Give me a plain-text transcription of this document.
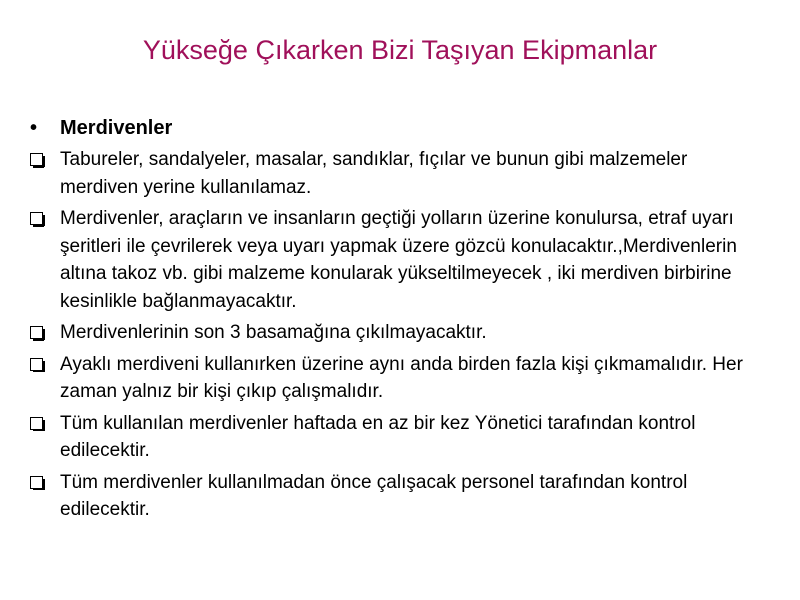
Yükseğe Çıkarken Bizi Taşıyan Ekipmanlar
• Merdivenler
Tabureler, sandalyeler, masalar, sandıklar, fıçılar ve bunun gibi malzemeler merdiven yerine kullanılamaz.
Merdivenler, araçların ve insanların geçtiği yolların üzerine konulursa, etraf uyarı şeritleri ile çevrilerek veya uyarı yapmak üzere gözcü konulacaktır.,Merdivenlerin altına takoz vb. gibi malzeme konularak yükseltilmeyecek , iki merdiven birbirine kesinlikle bağlanmayacaktır.
Merdivenlerinin son 3 basamağına çıkılmayacaktır.
Ayaklı merdiveni kullanırken üzerine aynı anda birden fazla kişi çıkmamalıdır. Her zaman yalnız bir kişi çıkıp çalışmalıdır.
Tüm kullanılan merdivenler haftada en az bir kez Yönetici tarafından kontrol edilecektir.
Tüm merdivenler kullanılmadan önce çalışacak personel tarafından kontrol edilecektir.
